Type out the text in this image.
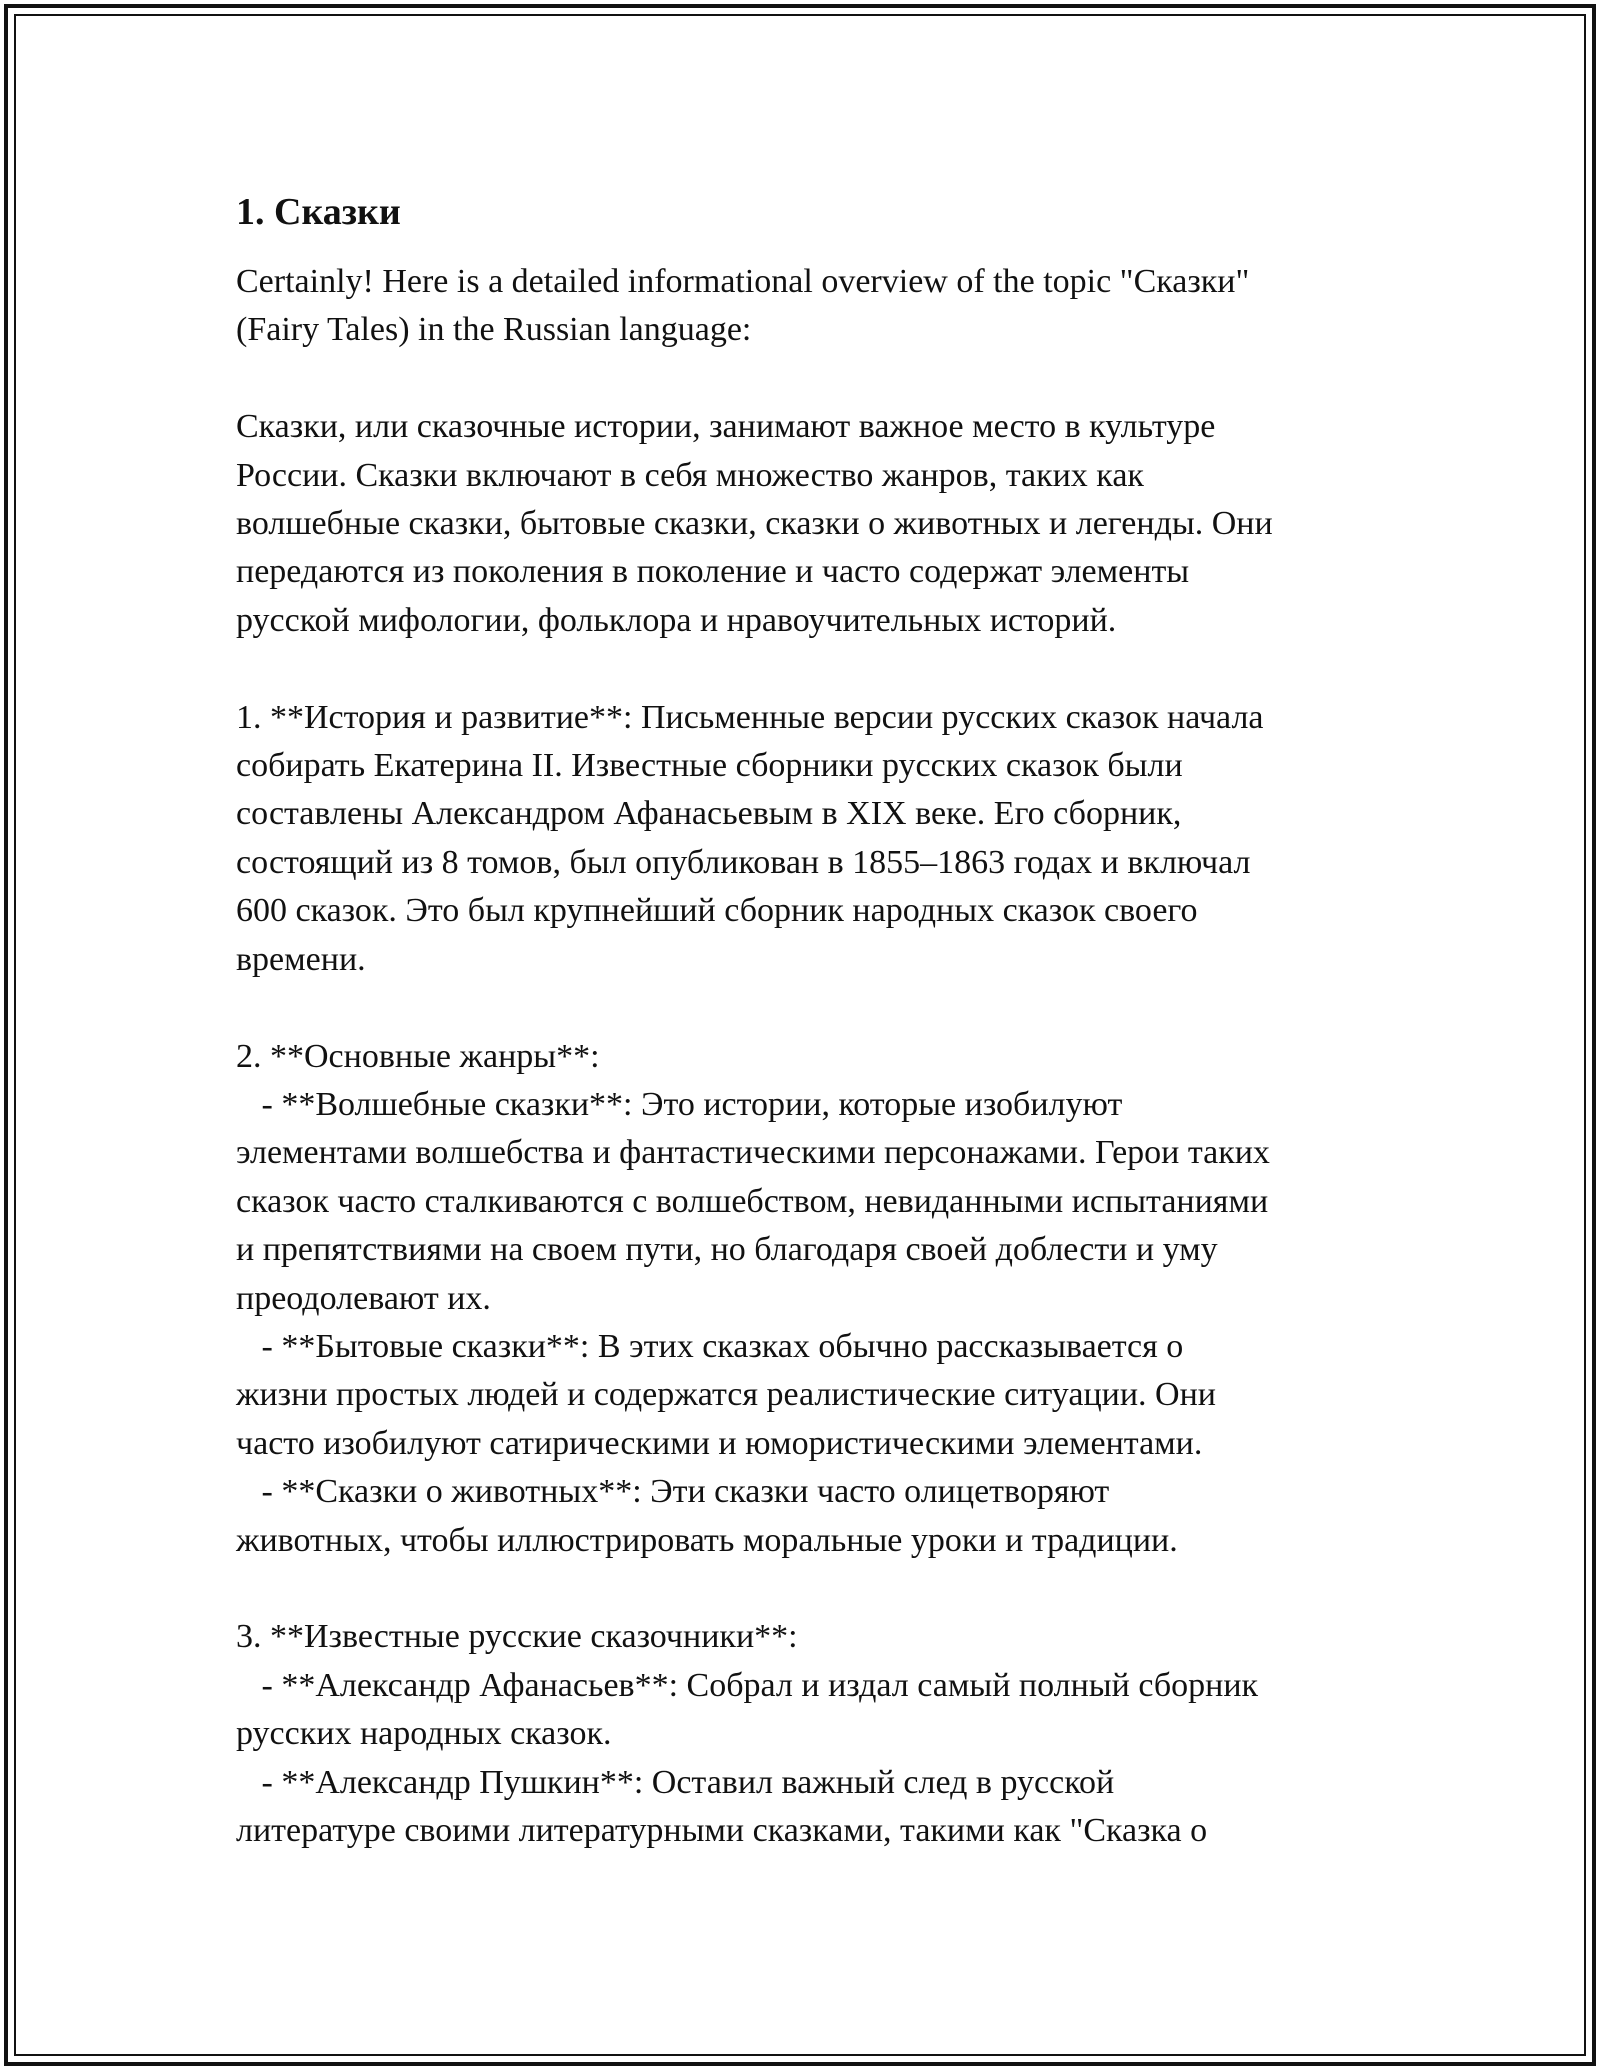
1. Сказки
Certainly! Here is a detailed informational overview of the topic "Сказки"
(Fairy Tales) in the Russian language:

Сказки, или сказочные истории, занимают важное место в культуре
России. Сказки включают в себя множество жанров, таких как
волшебные сказки, бытовые сказки, сказки о животных и легенды. Они
передаются из поколения в поколение и часто содержат элементы
русской мифологии, фольклора и нравоучительных историй.

1. **История и развитие**: Письменные версии русских сказок начала
собирать Екатерина II. Известные сборники русских сказок были
составлены Александром Афанасьевым в XIX веке. Его сборник,
состоящий из 8 томов, был опубликован в 1855–1863 годах и включал
600 сказок. Это был крупнейший сборник народных сказок своего
времени.

2. **Основные жанры**:
- **Волшебные сказки**: Это истории, которые изобилуют
элементами волшебства и фантастическими персонажами. Герои таких
сказок часто сталкиваются с волшебством, невиданными испытаниями
и препятствиями на своем пути, но благодаря своей доблести и уму
преодолевают их.
- **Бытовые сказки**: В этих сказках обычно рассказывается о
жизни простых людей и содержатся реалистические ситуации. Они
часто изобилуют сатирическими и юмористическими элементами.
- **Сказки о животных**: Эти сказки часто олицетворяют
животных, чтобы иллюстрировать моральные уроки и традиции.

3. **Известные русские сказочники**:
- **Александр Афанасьев**: Собрал и издал самый полный сборник
русских народных сказок.
- **Александр Пушкин**: Оставил важный след в русской
литературе своими литературными сказками, такими как "Сказка о
